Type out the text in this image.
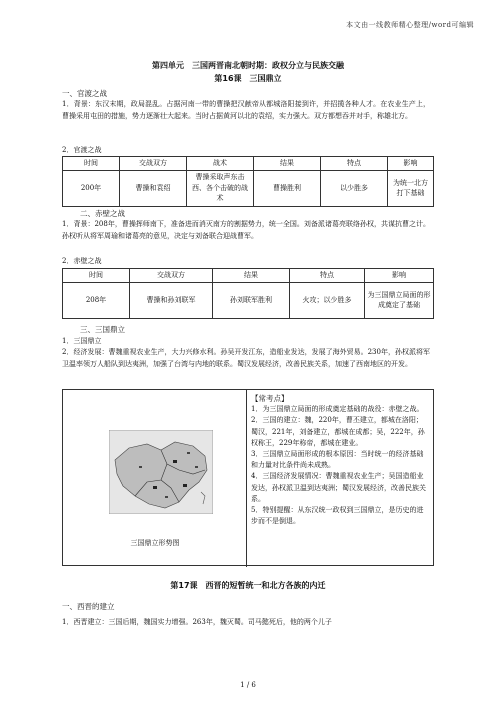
本文由一线教师精心整理/word可编辑
第四单元　三国两晋南北朝时期：政权分立与民族交融
第16课　三国鼎立
一、官渡之战
1．背景：东汉末期，政局混乱。占据河南一带的曹操把汉献帝从都城洛阳接到许，并招揽各种人才。在农业生产上，曹操采用屯田的措施，势力逐渐壮大起来。当时占据黄河以北的袁绍，实力强大。双方都想吞并对手，称雄北方。
2．官渡之战
时间	交战双方	战术	结果	特点	影响
200年	曹操和袁绍	曹操采取声东击西、各个击破的战术	曹操胜利	以少胜多	为统一北方打下基础
二、赤壁之战
1．背景：208年，曹操挥师南下，准备进而消灭南方的割据势力，统一全国。刘备派诸葛亮联络孙权，共谋抗曹之计。孙权听从将军周瑜和诸葛亮的意见，决定与刘备联合迎战曹军。
2．赤壁之战
时间	交战双方	结果	特点	影响
208年	曹操和孙刘联军	孙刘联军胜利	火攻；以少胜多	为三国鼎立局面的形成奠定了基础
三、三国鼎立
1．三国鼎立
2．经济发展：曹魏重视农业生产，大力兴修水利。孙吴开发江东，造船业发达，发展了海外贸易。230年，孙权派将军卫温率领万人船队到达夷洲，加强了台湾与内地的联系。蜀汉发展经济，改善民族关系，加速了西南地区的开发。
三国鼎立形势图

【常考点】

1．为三国鼎立局面的形成奠定基础的战役：赤壁之战。

2．三国的建立：魏，220年，曹丕建立，都城在洛阳；蜀汉，221年，刘备建立，都城在成都；吴，222年，孙权称王，229年称帝，都城在建业。

3．三国鼎立局面形成的根本原因：当时统一的经济基础和力量对比条件尚未成熟。

4．三国经济发展情况：曹魏重视农业生产；吴国造船业发达，孙权派卫温到达夷洲；蜀汉发展经济，改善民族关系。

5．特别提醒：从东汉统一政权到三国鼎立，是历史的进步而不是倒退。

第17课　西晋的短暂统一和北方各族的内迁
一、西晋的建立
1．西晋建立：三国后期，魏国实力增强。263年，魏灭蜀。司马懿死后，他的两个儿子
1 / 6
